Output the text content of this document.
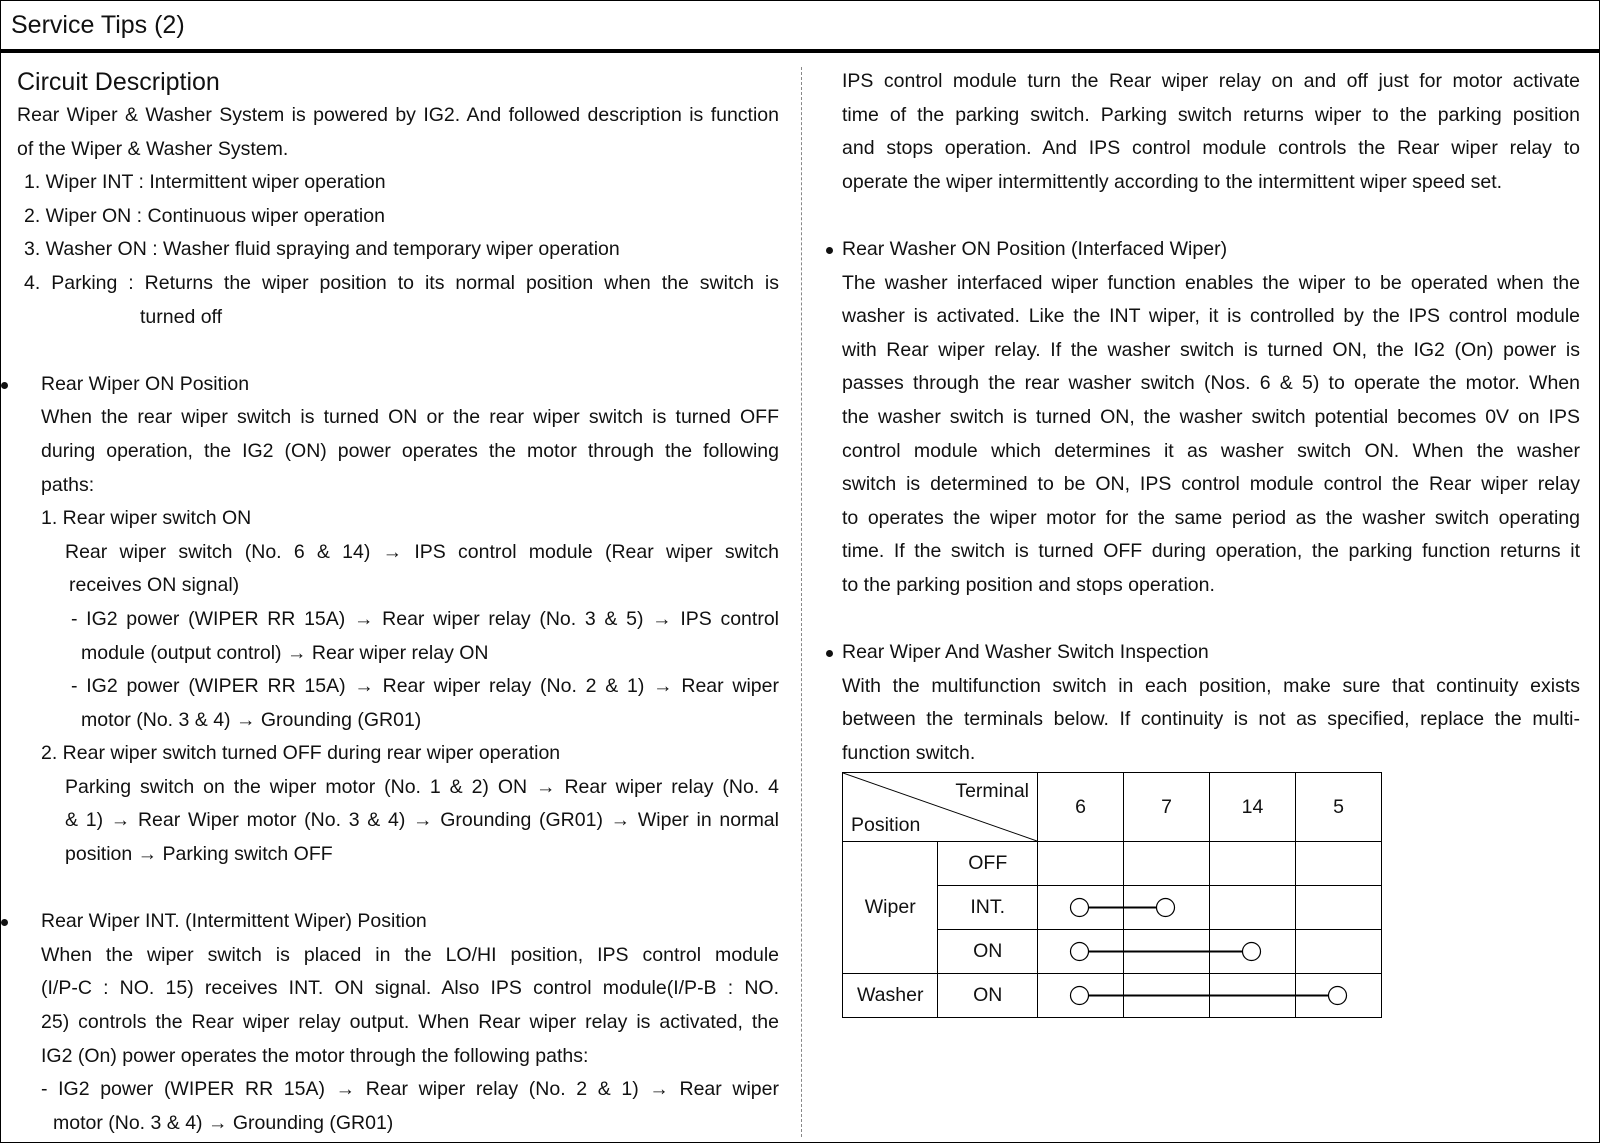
Service Tips (2)
Circuit Description
Rear Wiper & Washer System is powered by IG2. And followed description is function
of the Wiper & Washer System.
1. Wiper INT : Intermittent wiper operation
2. Wiper ON : Continuous wiper operation
3. Washer ON : Washer fluid spraying and temporary wiper operation
4. Parking : Returns the wiper position to its normal position when the switch is
turned off
Rear Wiper ON Position
When the rear wiper switch is turned ON or the rear wiper switch is turned OFF
during operation, the IG2 (ON) power operates the motor through the following
paths:
1. Rear wiper switch ON
Rear wiper switch (No. 6 & 14) → IPS control module (Rear wiper switch
receives ON signal)
- IG2 power (WIPER RR 15A) → Rear wiper relay (No. 3 & 5) → IPS control
module (output control) → Rear wiper relay ON
- IG2 power (WIPER RR 15A) → Rear wiper relay (No. 2 & 1) → Rear wiper
motor (No. 3 & 4) → Grounding (GR01)
2. Rear wiper switch turned OFF during rear wiper operation
Parking switch on the wiper motor (No. 1 & 2) ON → Rear wiper relay (No. 4
& 1) → Rear Wiper motor (No. 3 & 4) → Grounding (GR01) → Wiper in normal
position → Parking switch OFF
Rear Wiper INT. (Intermittent Wiper) Position
When the wiper switch is placed in the LO/HI position, IPS control module
(I/P-C : NO. 15) receives INT. ON signal. Also IPS control module(I/P-B : NO.
25) controls the Rear wiper relay output. When Rear wiper relay is activated, the
IG2 (On) power operates the motor through the following paths:
- IG2 power (WIPER RR 15A) → Rear wiper relay (No. 2 & 1) → Rear wiper
motor (No. 3 & 4) → Grounding (GR01)
IPS control module turn the Rear wiper relay on and off just for motor activate
time of the parking switch. Parking switch returns wiper to the parking position
and stops operation. And IPS control module controls the Rear wiper relay to
operate the wiper intermittently according to the intermittent wiper speed set.
Rear Washer ON Position (Interfaced Wiper)
The washer interfaced wiper function enables the wiper to be operated when the
washer is activated. Like the INT wiper, it is controlled by the IPS control module
with Rear wiper relay. If the washer switch is turned ON, the IG2 (On) power is
passes through the rear washer switch (Nos. 6 & 5) to operate the motor. When
the washer switch is turned ON, the washer switch potential becomes 0V on IPS
control module which determines it as washer switch ON. When the washer
switch is determined to be ON, IPS control module control the Rear wiper relay
to operates the wiper motor for the same period as the washer switch operating
time. If the switch is turned OFF during operation, the parking function returns it
to the parking position and stops operation.
Rear Wiper And Washer Switch Inspection
With the multifunction switch in each position, make sure that continuity exists
between the terminals below. If continuity is not as specified, replace the multi-
function switch.
Terminal
Position		6	7	14	5
Wiper	OFF				
	INT.				
	ON				
Washer	ON				
